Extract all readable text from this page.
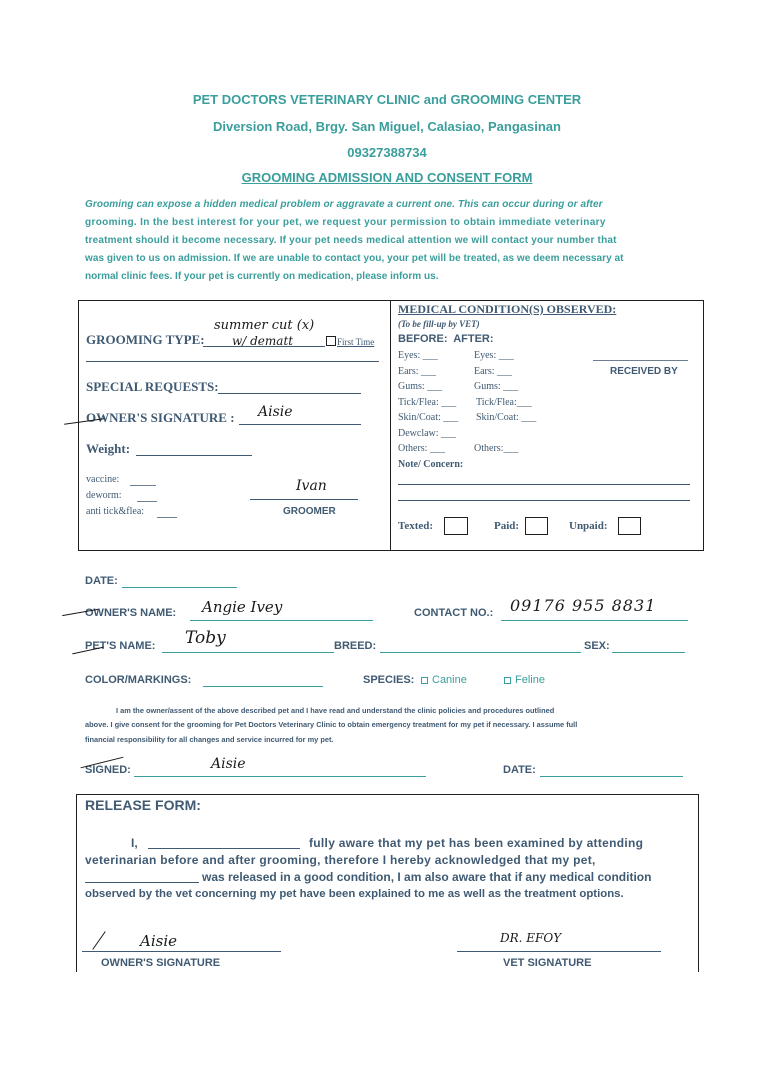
PET DOCTORS VETERINARY CLINIC and GROOMING CENTER
Diversion Road, Brgy. San Miguel, Calasiao, Pangasinan
09327388734
GROOMING ADMISSION AND CONSENT FORM
Grooming can expose a hidden medical problem or aggravate a current one. This can occur during or after
grooming. In the best interest for your pet, we request your permission to obtain immediate veterinary
treatment should it become necessary. If your pet needs medical attention we will contact your number that
was given to us on admission. If we are unable to contact you, your pet will be treated, as we deem necessary at
normal clinic fees. If your pet is currently on medication, please inform us.
GROOMING TYPE:
summer cut (x)
w/ dematt	First Time
SPECIAL REQUESTS:
OWNER'S SIGNATURE : Aisie
Weight:
vaccine:
deworm:
anti tick&flea:
Ivan
GROOMER
MEDICAL CONDITION(S) OBSERVED:
(To be fill-up by VET)
BEFORE:  AFTER:
Eyes: ___	Eyes: ___
Ears: ___	Ears: ___
Gums: ___	Gums: ___
Tick/Flea: ___ Tick/Flea:___
Skin/Coat: ___ Skin/Coat: ___
Dewclaw: ___
Others: ___	Others:___
RECEIVED BY
Note/ Concern:
Texted:	Paid:	Unpaid:
DATE:
OWNER'S NAME: Angie Ivey	CONTACT NO.: 09176 955 8831
PET'S NAME: Toby	BREED:	SEX:
COLOR/MARKINGS:	SPECIES:	Canine	Feline
I am the owner/assent of the above described pet and I have read and understand the clinic policies and procedures outlined
above. I give consent for the grooming for Pet Doctors Veterinary Clinic to obtain emergency treatment for my pet if necessary. I assume full
financial responsibility for all changes and service incurred for my pet.
SIGNED:	Aisie	DATE:
RELEASE FORM:
I,	fully aware that my pet has been examined by attending
veterinarian before and after grooming, therefore I hereby acknowledged that my pet,
was released in a good condition, I am also aware that if any medical condition
observed by the vet concerning my pet have been explained to me as well as the treatment options.
Aisie
OWNER'S SIGNATURE
DR. EFOY
VET SIGNATURE
